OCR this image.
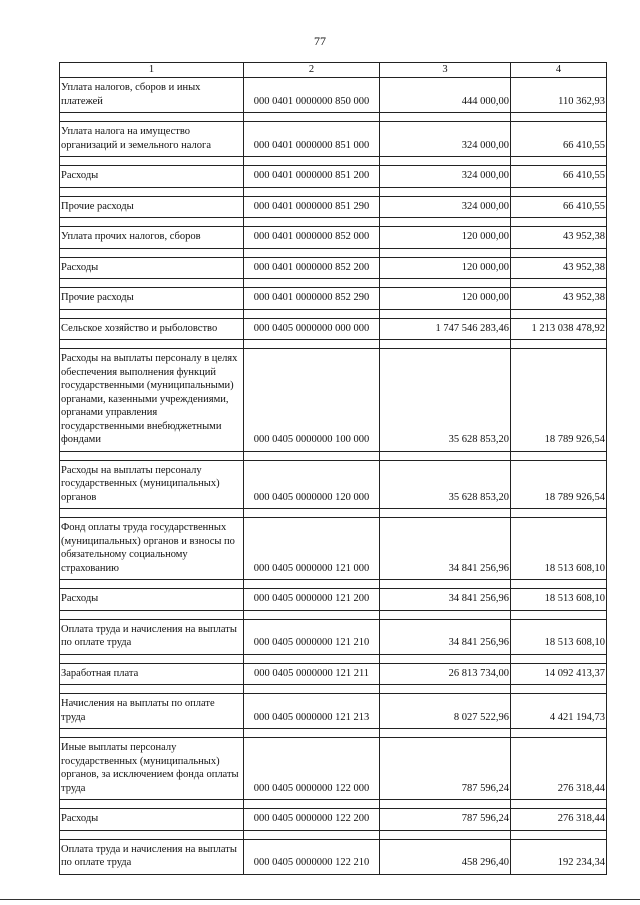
77
1	2	3	4
Уплата налогов, сборов и иных платежей	000 0401 0000000 850 000	444 000,00	110 362,93

Уплата налога на имущество организаций и земельного налога	000 0401 0000000 851 000	324 000,00	66 410,55

Расходы	000 0401 0000000 851 200	324 000,00	66 410,55

Прочие расходы	000 0401 0000000 851 290	324 000,00	66 410,55

Уплата прочих налогов, сборов	000 0401 0000000 852 000	120 000,00	43 952,38

Расходы	000 0401 0000000 852 200	120 000,00	43 952,38

Прочие расходы	000 0401 0000000 852 290	120 000,00	43 952,38

Сельское хозяйство и рыболовство	000 0405 0000000 000 000	1 747 546 283,46	1 213 038 478,92

Расходы на выплаты персоналу в целях обеспечения выполнения функций государственными (муниципальными) органами, казенными учреждениями, органами управления государственными внебюджетными фондами	000 0405 0000000 100 000	35 628 853,20	18 789 926,54

Расходы на выплаты персоналу государственных (муниципальных) органов	000 0405 0000000 120 000	35 628 853,20	18 789 926,54

Фонд оплаты труда государственных (муниципальных) органов и взносы по обязательному социальному страхованию	000 0405 0000000 121 000	34 841 256,96	18 513 608,10

Расходы	000 0405 0000000 121 200	34 841 256,96	18 513 608,10

Оплата труда и начисления на выплаты по оплате труда	000 0405 0000000 121 210	34 841 256,96	18 513 608,10

Заработная плата	000 0405 0000000 121 211	26 813 734,00	14 092 413,37

Начисления на выплаты по оплате труда	000 0405 0000000 121 213	8 027 522,96	4 421 194,73

Иные выплаты персоналу государственных (муниципальных) органов, за исключением фонда оплаты труда	000 0405 0000000 122 000	787 596,24	276 318,44

Расходы	000 0405 0000000 122 200	787 596,24	276 318,44

Оплата труда и начисления на выплаты по оплате труда	000 0405 0000000 122 210	458 296,40	192 234,34
